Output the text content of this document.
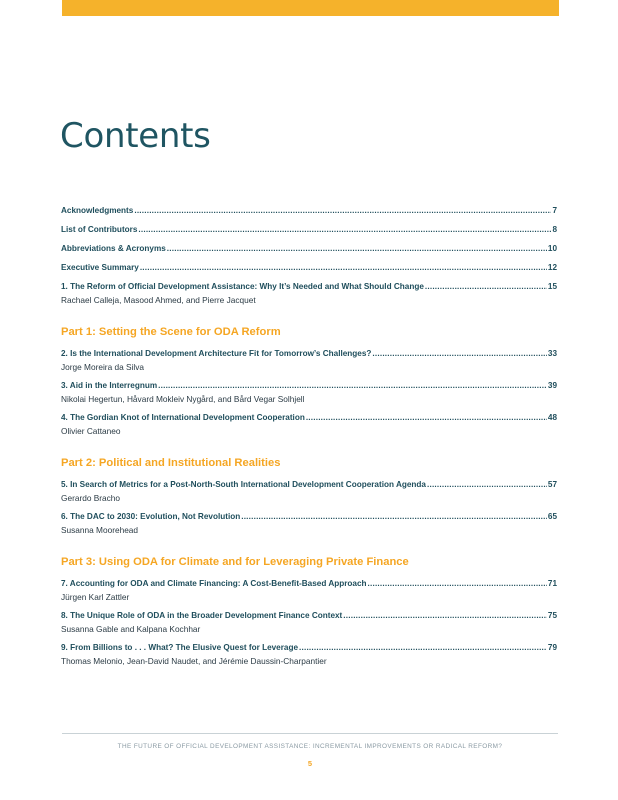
Contents
Acknowledgments .....	7
List of Contributors .....	8
Abbreviations & Acronyms .....	10
Executive Summary .....	12
1. The Reform of Official Development Assistance: Why It’s Needed and What Should Change .....	15
Rachael Calleja, Masood Ahmed, and Pierre Jacquet
Part 1: Setting the Scene for ODA Reform
2. Is the International Development Architecture Fit for Tomorrow’s Challenges? .....	33
Jorge Moreira da Silva
3. Aid in the Interregnum .....	39
Nikolai Hegertun, Håvard Mokleiv Nygård, and Bård Vegar Solhjell
4. The Gordian Knot of International Development Cooperation .....	48
Olivier Cattaneo
Part 2: Political and Institutional Realities
5. In Search of Metrics for a Post-North-South International Development Cooperation Agenda .....	57
Gerardo Bracho
6. The DAC to 2030: Evolution, Not Revolution .....	65
Susanna Moorehead
Part 3: Using ODA for Climate and for Leveraging Private Finance
7. Accounting for ODA and Climate Financing: A Cost-Benefit-Based Approach .....	71
Jürgen Karl Zattler
8. The Unique Role of ODA in the Broader Development Finance Context .....	75
Susanna Gable and Kalpana Kochhar
9. From Billions to . . . What? The Elusive Quest for Leverage .....	79
Thomas Melonio, Jean-David Naudet, and Jérémie Daussin-Charpantier
THE FUTURE OF OFFICIAL DEVELOPMENT ASSISTANCE: INCREMENTAL IMPROVEMENTS OR RADICAL REFORM?
5
